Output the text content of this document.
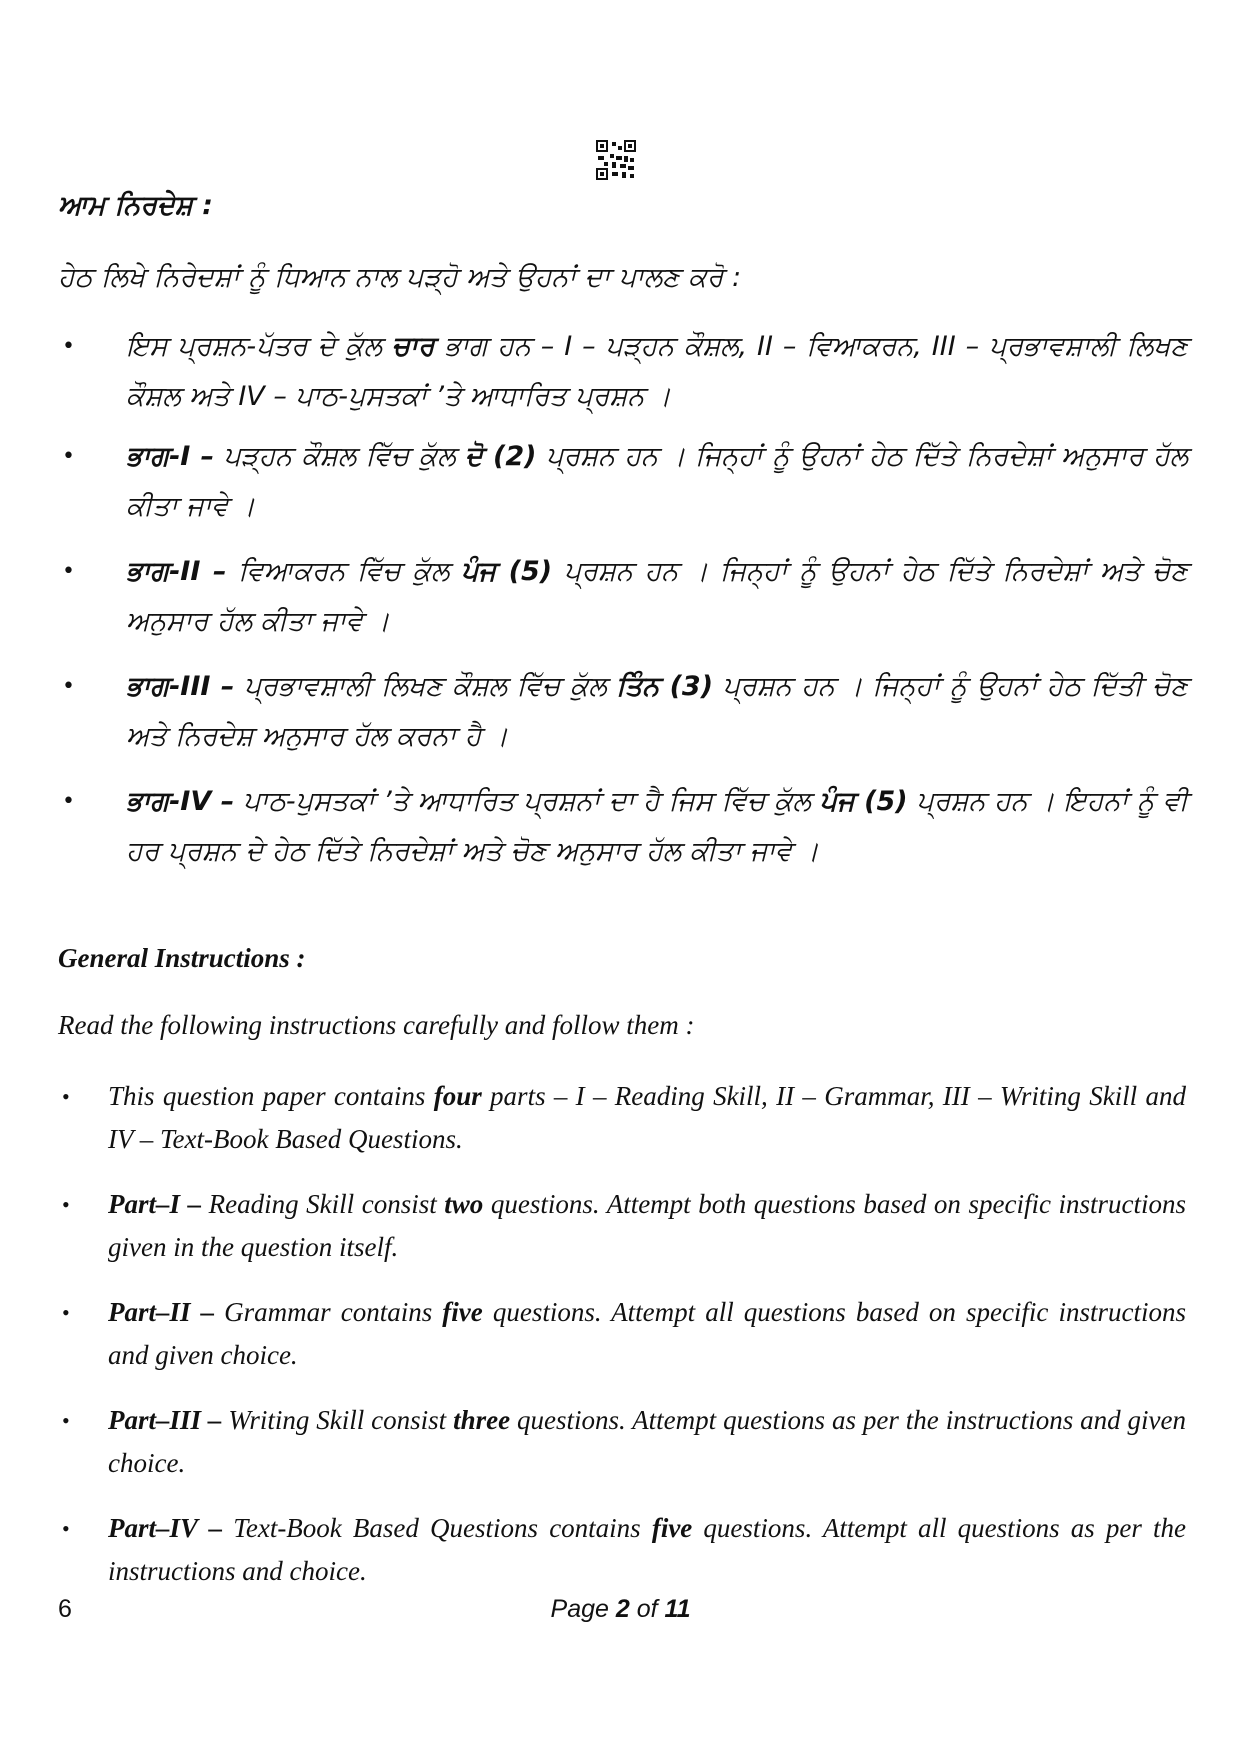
ਆਮ ਨਿਰਦੇਸ਼ :
ਹੇਠ ਲਿਖੇ ਨਿਰੇਦਸ਼ਾਂ ਨੂੰ ਧਿਆਨ ਨਾਲ ਪੜ੍ਹੋ ਅਤੇ ਉਹਨਾਂ ਦਾ ਪਾਲਣ ਕਰੋ :
• ਇਸ ਪ੍ਰਸ਼ਨ-ਪੱਤਰ ਦੇ ਕੁੱਲ ਚਾਰ ਭਾਗ ਹਨ – I – ਪੜ੍ਹਨ ਕੌਸ਼ਲ, II – ਵਿਆਕਰਨ, III – ਪ੍ਰਭਾਵਸ਼ਾਲੀ ਲਿਖਣ ਕੌਸ਼ਲ ਅਤੇ IV – ਪਾਠ-ਪੁਸਤਕਾਂ ’ਤੇ ਆਧਾਰਿਤ ਪ੍ਰਸ਼ਨ ।
• ਭਾਗ-I – ਪੜ੍ਹਨ ਕੌਸ਼ਲ ਵਿੱਚ ਕੁੱਲ ਦੋ (2) ਪ੍ਰਸ਼ਨ ਹਨ । ਜਿਨ੍ਹਾਂ ਨੂੰ ਉਹਨਾਂ ਹੇਠ ਦਿੱਤੇ ਨਿਰਦੇਸ਼ਾਂ ਅਨੁਸਾਰ ਹੱਲ ਕੀਤਾ ਜਾਵੇ ।
• ਭਾਗ-II – ਵਿਆਕਰਨ ਵਿੱਚ ਕੁੱਲ ਪੰਜ (5) ਪ੍ਰਸ਼ਨ ਹਨ । ਜਿਨ੍ਹਾਂ ਨੂੰ ਉਹਨਾਂ ਹੇਠ ਦਿੱਤੇ ਨਿਰਦੇਸ਼ਾਂ ਅਤੇ ਚੋਣ ਅਨੁਸਾਰ ਹੱਲ ਕੀਤਾ ਜਾਵੇ ।
• ਭਾਗ-III – ਪ੍ਰਭਾਵਸ਼ਾਲੀ ਲਿਖਣ ਕੌਸ਼ਲ ਵਿੱਚ ਕੁੱਲ ਤਿੰਨ (3) ਪ੍ਰਸ਼ਨ ਹਨ । ਜਿਨ੍ਹਾਂ ਨੂੰ ਉਹਨਾਂ ਹੇਠ ਦਿੱਤੀ ਚੋਣ ਅਤੇ ਨਿਰਦੇਸ਼ ਅਨੁਸਾਰ ਹੱਲ ਕਰਨਾ ਹੈ ।
• ਭਾਗ-IV – ਪਾਠ-ਪੁਸਤਕਾਂ ’ਤੇ ਆਧਾਰਿਤ ਪ੍ਰਸ਼ਨਾਂ ਦਾ ਹੈ ਜਿਸ ਵਿੱਚ ਕੁੱਲ ਪੰਜ (5) ਪ੍ਰਸ਼ਨ ਹਨ । ਇਹਨਾਂ ਨੂੰ ਵੀ ਹਰ ਪ੍ਰਸ਼ਨ ਦੇ ਹੇਠ ਦਿੱਤੇ ਨਿਰਦੇਸ਼ਾਂ ਅਤੇ ਚੋਣ ਅਨੁਸਾਰ ਹੱਲ ਕੀਤਾ ਜਾਵੇ ।
General Instructions :
Read the following instructions carefully and follow them :
• This question paper contains four parts – I – Reading Skill, II – Grammar, III – Writing Skill and IV – Text-Book Based Questions.
• Part–I – Reading Skill consist two questions. Attempt both questions based on specific instructions given in the question itself.
• Part–II – Grammar contains five questions. Attempt all questions based on specific instructions and given choice.
• Part–III – Writing Skill consist three questions. Attempt questions as per the instructions and given choice.
• Part–IV – Text-Book Based Questions contains five questions. Attempt all questions as per the instructions and choice.
6	Page 2 of 11
